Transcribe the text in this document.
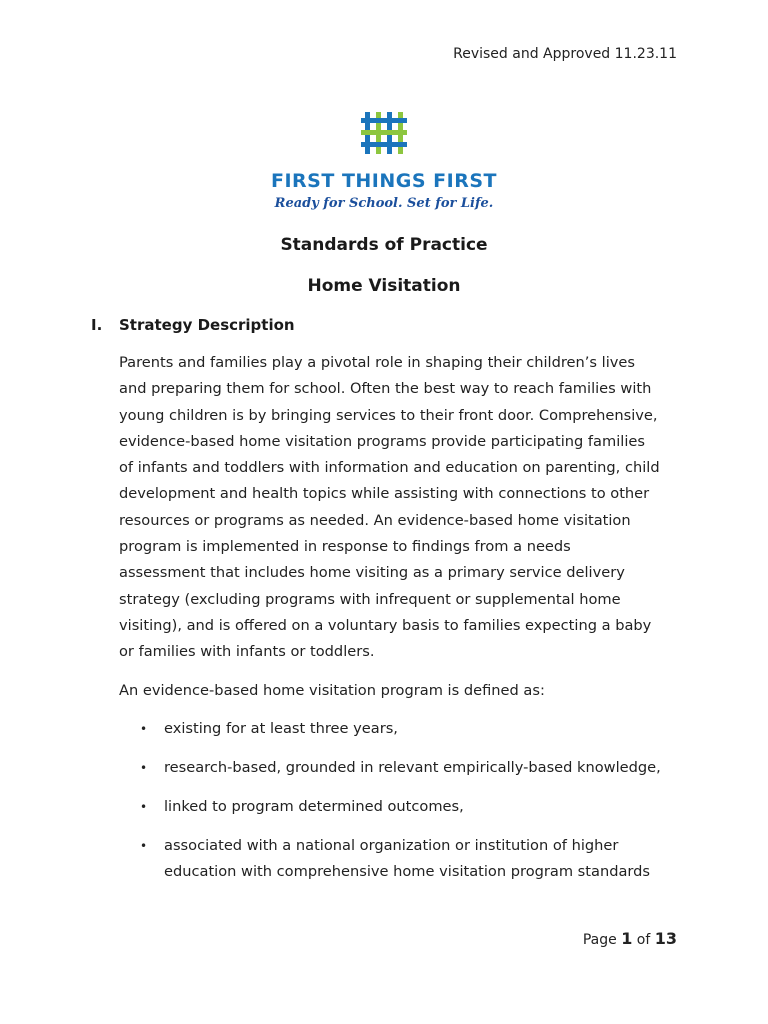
Revised and Approved 11.23.11
FIRST THINGS FIRST
Ready for School. Set for Life.
Standards of Practice
Home Visitation
I. Strategy Description
Parents and families play a pivotal role in shaping their children’s lives
and preparing them for school. Often the best way to reach families with
young children is by bringing services to their front door. Comprehensive,
evidence-based home visitation programs provide participating families
of infants and toddlers with information and education on parenting, child
development and health topics while assisting with connections to other
resources or programs as needed. An evidence-based home visitation
program is implemented in response to findings from a needs
assessment that includes home visiting as a primary service delivery
strategy (excluding programs with infrequent or supplemental home
visiting), and is offered on a voluntary basis to families expecting a baby
or families with infants or toddlers.
An evidence-based home visitation program is defined as:
• existing for at least three years,
• research-based, grounded in relevant empirically-based knowledge,
• linked to program determined outcomes,
• associated with a national organization or institution of higher
education with comprehensive home visitation program standards
Page 1 of 13
